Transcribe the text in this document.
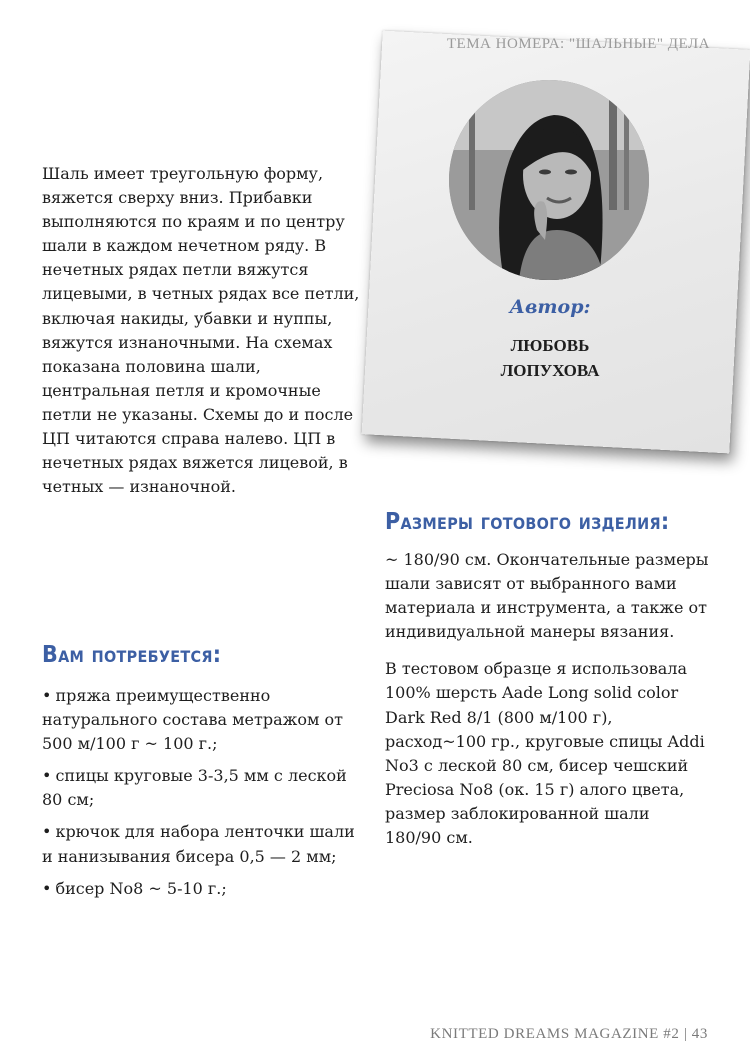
ТЕМА НОМЕРА: "ШАЛЬНЫЕ" ДЕЛА
Автор:
ЛЮБОВЬ
ЛОПУХОВА

Шаль имеет треугольную форму, вяжется сверху вниз. Прибавки выполняются по краям и по центру шали в каждом нечетном ряду. В нечетных рядах петли вяжутся лицевыми, в четных рядах все петли, включая накиды, убавки и нуппы, вяжутся изнаночными. На схемах показана половина шали, центральная петля и кромочные петли не указаны. Схемы до и после ЦП читаются справа налево. ЦП в нечетных рядах вяжется лицевой, в четных — изнаночной.

Вам потребуется:
• пряжа преимущественно натурального состава метражом от 500 м/100 г ~ 100 г.;
• спицы круговые 3-3,5 мм с леской 80 см;
• крючок для набора ленточки шали и нанизывания бисера 0,5 — 2 мм;
• бисер No8 ~ 5-10 г.;
Размеры готового изделия:

~ 180/90 см. Окончательные размеры шали зависят от выбранного вами материала и инструмента, а также от индивидуальной манеры вязания.

В тестовом образце я использовала 100% шерсть Aade Long solid color Dark Red 8/1 (800 м/100 г), расход~100 гр., круговые спицы Addi No3 с леской 80 см, бисер чешский Preciosa No8 (ок. 15 г) алого цвета, размер заблокированной шали 180/90 см.

KNITTED DREAMS MAGAZINE #2 | 43
